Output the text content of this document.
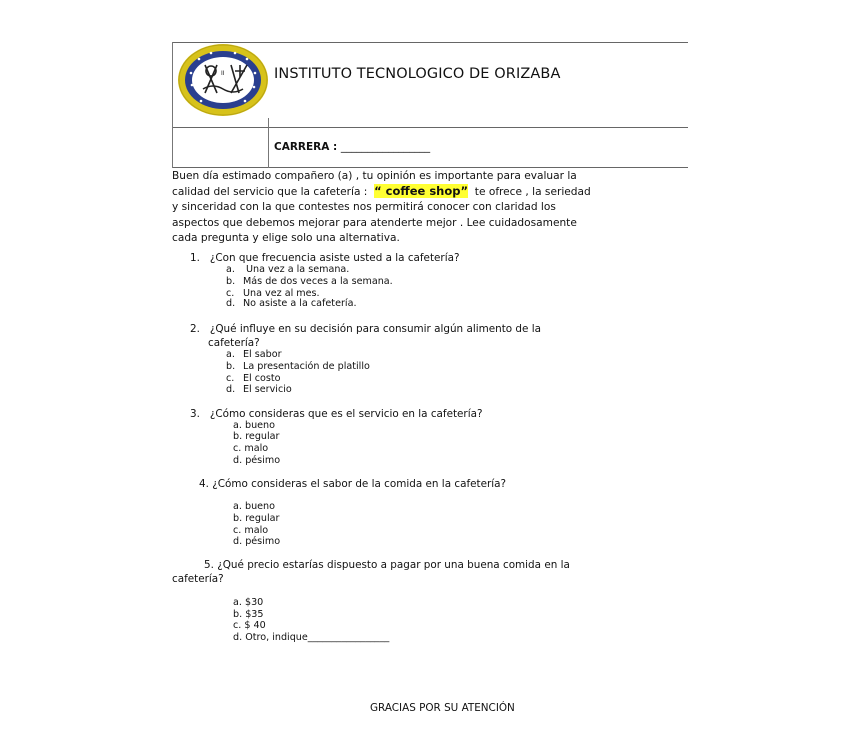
II	INSTITUTO TECNOLOGICO DE ORIZABA
CARRERA : _________________
Buen día estimado compañero (a) , tu opinión es importante para evaluar la
calidad del servicio que la cafetería : “ coffee shop” te ofrece , la seriedad
y sinceridad con la que contestes nos permitirá conocer con claridad los
aspectos que debemos mejorar para atenderte mejor . Lee cuidadosamente
cada pregunta y elige solo una alternativa.
1. ¿Con que frecuencia asiste usted a la cafetería?
a. Una vez a la semana.
b. Más de dos veces a la semana.
c. Una vez al mes.
d. No asiste a la cafetería.
2. ¿Qué influye en su decisión para consumir algún alimento de la
cafetería?
a. El sabor
b. La presentación de platillo
c. El costo
d. El servicio
3. ¿Cómo consideras que es el servicio en la cafetería?
a. bueno
b. regular
c. malo
d. pésimo
4. ¿Cómo consideras el sabor de la comida en la cafetería?
a. bueno
b. regular
c. malo
d. pésimo
5. ¿Qué precio estarías dispuesto a pagar por una buena comida en la
cafetería?
a. $30
b. $35
c. $ 40
d. Otro, indique_________________
GRACIAS POR SU ATENCIÓN
